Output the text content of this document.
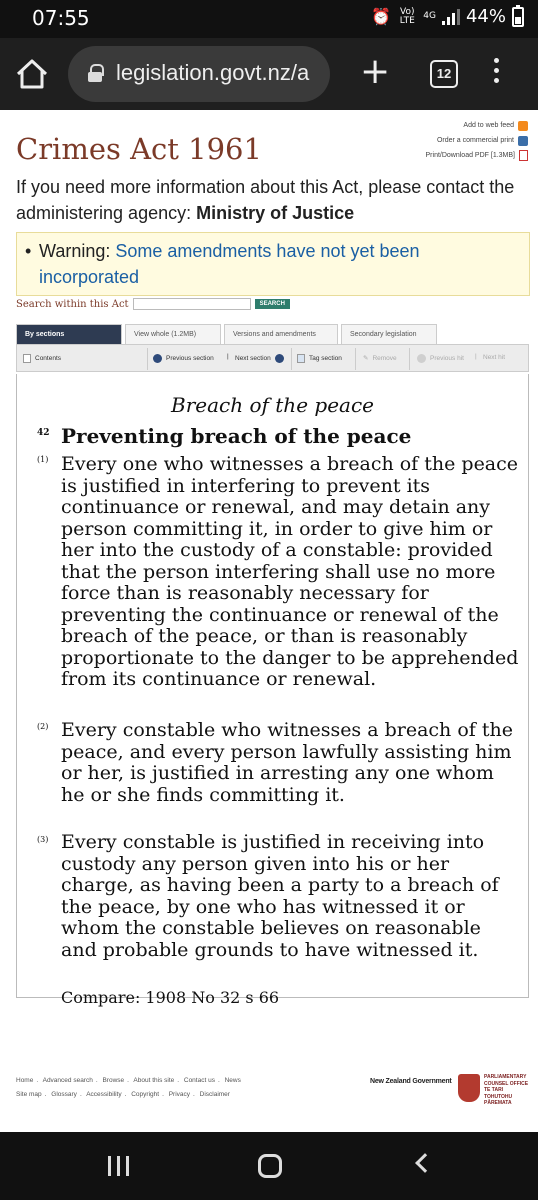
07:55	⏰ Vo) LTE 4G 44%
legislation.govt.nz/a	+	12
Add to web feed
Order a commercial print
Print/Download PDF [1.3MB]
Crimes Act 1961
If you need more information about this Act, please contact the administering agency: Ministry of Justice
• Warning: Some amendments have not yet been incorporated
Search within this Act	SEARCH
By sections	View whole (1.2MB)	Versions and amendments	Secondary legislation
Contents	Previous section | Next section	Tag section	✎ Remove	Previous hit | Next hit
Breach of the peace
42 Preventing breach of the peace
(1) Every one who witnesses a breach of the peace is justified in interfering to prevent its continuance or renewal, and may detain any person committing it, in order to give him or her into the custody of a constable: provided that the person interfering shall use no more force than is reasonably necessary for preventing the continuance or renewal of the breach of the peace, or than is reasonably proportionate to the danger to be apprehended from its continuance or renewal.
(2) Every constable who witnesses a breach of the peace, and every person lawfully assisting him or her, is justified in arresting any one whom he or she finds committing it.
(3) Every constable is justified in receiving into custody any person given into his or her charge, as having been a party to a breach of the peace, by one who has witnessed it or whom the constable believes on reasonable and probable grounds to have witnessed it.
Compare: 1908 No 32 s 66
Home . Advanced search . Browse . About this site . Contact us . News
Site map . Glossary . Accessibility . Copyright . Privacy . Disclaimer
New Zealand Government
PARLIAMENTARY
COUNSEL OFFICE
TE TARI TOHUTOHU
PĀREMATA
